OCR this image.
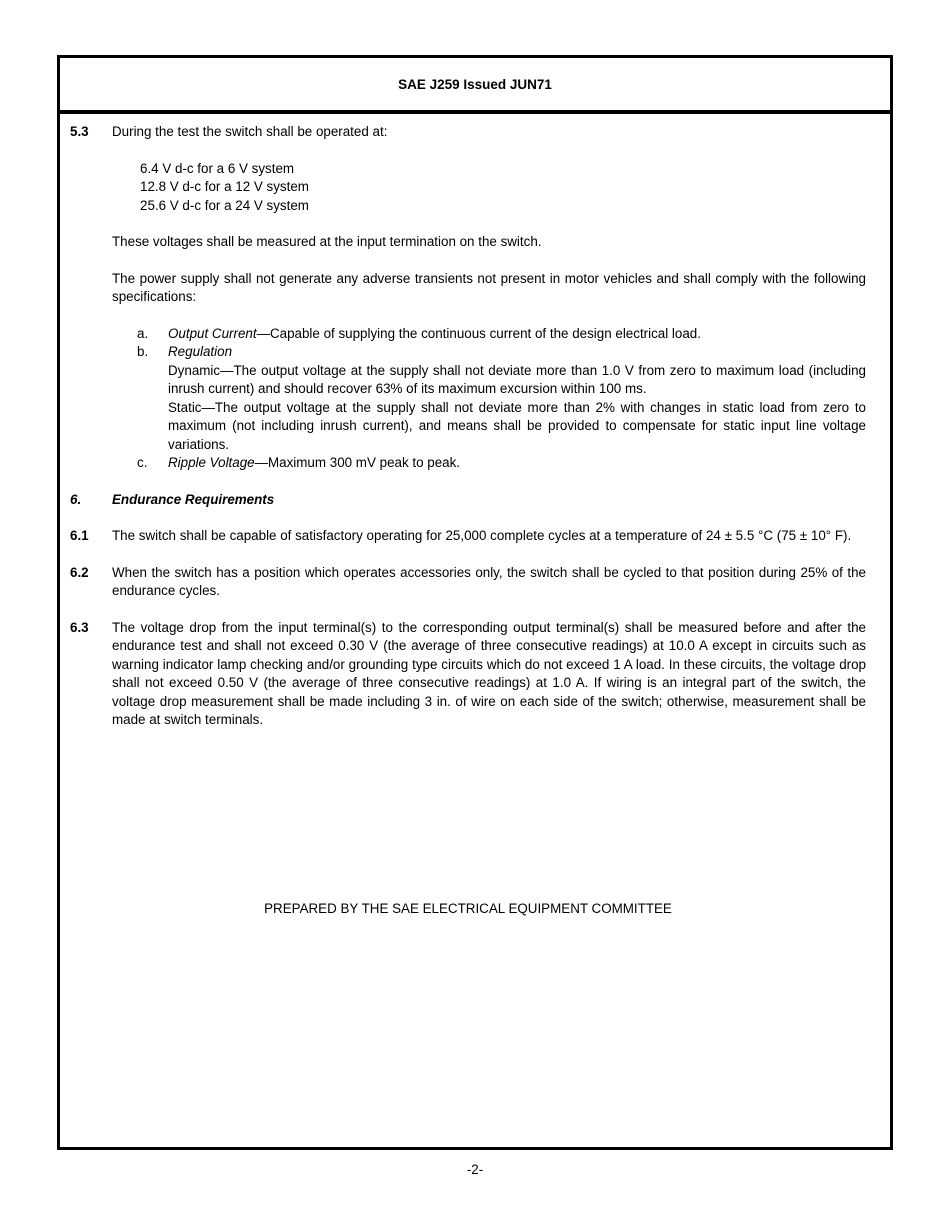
SAE J259 Issued JUN71
5.3	During the test the switch shall be operated at:
6.4 V d-c for a 6 V system
12.8 V d-c for a 12 V system
25.6 V d-c for a 24 V system
These voltages shall be measured at the input termination on the switch.
The power supply shall not generate any adverse transients not present in motor vehicles and shall comply with the following specifications:
a.	Output Current—Capable of supplying the continuous current of the design electrical load.
b.	Regulation
Dynamic—The output voltage at the supply shall not deviate more than 1.0 V from zero to maximum load (including inrush current) and should recover 63% of its maximum excursion within 100 ms.
Static—The output voltage at the supply shall not deviate more than 2% with changes in static load from zero to maximum (not including inrush current), and means shall be provided to compensate for static input line voltage variations.
c.	Ripple Voltage—Maximum 300 mV peak to peak.
6.	Endurance Requirements
6.1	The switch shall be capable of satisfactory operating for 25,000 complete cycles at a temperature of 24 ± 5.5 °C (75 ± 10° F).
6.2	When the switch has a position which operates accessories only, the switch shall be cycled to that position during 25% of the endurance cycles.
6.3	The voltage drop from the input terminal(s) to the corresponding output terminal(s) shall be measured before and after the endurance test and shall not exceed 0.30 V (the average of three consecutive readings) at 10.0 A except in circuits such as warning indicator lamp checking and/or grounding type circuits which do not exceed 1 A load. In these circuits, the voltage drop shall not exceed 0.50 V (the average of three consecutive readings) at 1.0 A. If wiring is an integral part of the switch, the voltage drop measurement shall be made including 3 in. of wire on each side of the switch; otherwise, measurement shall be made at switch terminals.
PREPARED BY THE SAE ELECTRICAL EQUIPMENT COMMITTEE
-2-
